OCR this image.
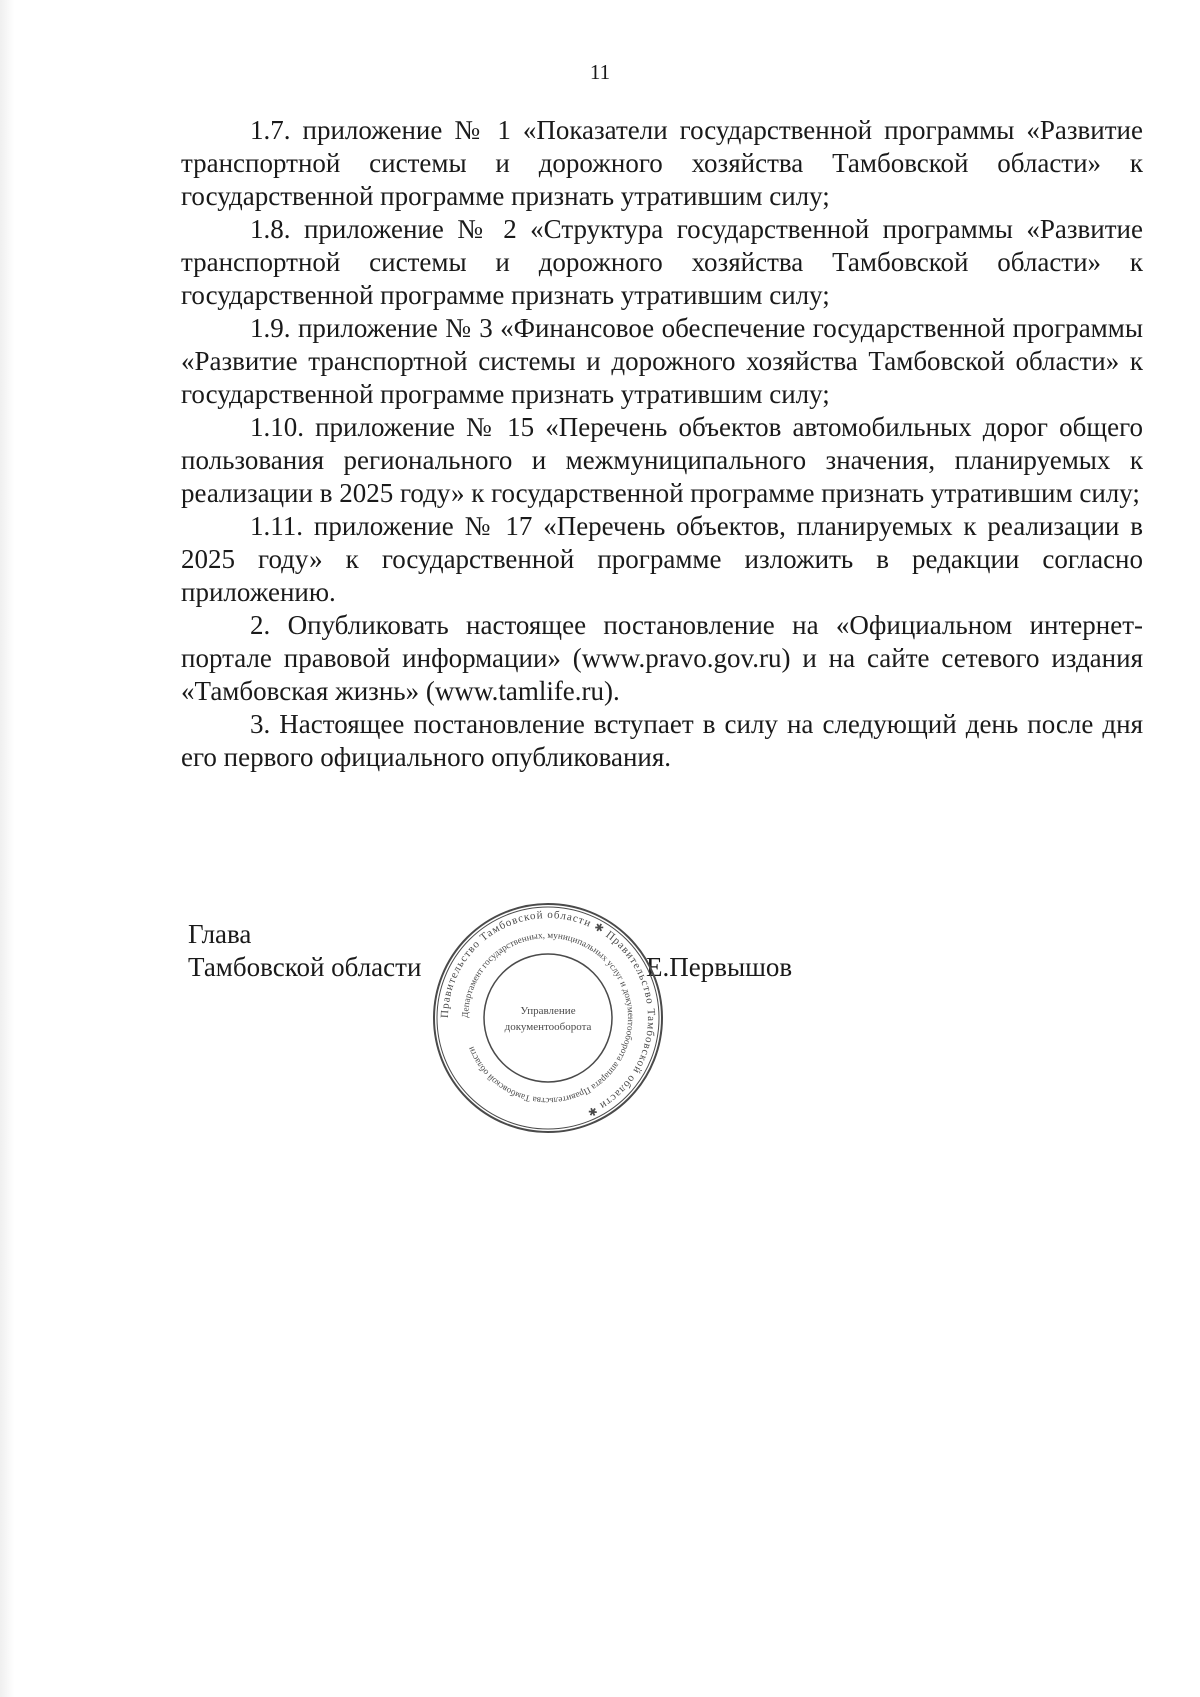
11

1.7. приложение № 1 «Показатели государственной программы «Развитие транспортной системы и дорожного хозяйства Тамбовской области» к государственной программе признать утратившим силу;

1.8. приложение № 2 «Структура государственной программы «Развитие транспортной системы и дорожного хозяйства Тамбовской области» к государственной программе признать утратившим силу;

1.9. приложение № 3 «Финансовое обеспечение государственной программы «Развитие транспортной системы и дорожного хозяйства Тамбовской области» к государственной программе признать утратившим силу;

1.10. приложение № 15 «Перечень объектов автомобильных дорог общего пользования регионального и межмуниципального значения, планируемых к реализации в 2025 году» к государственной программе признать утратившим силу;

1.11. приложение № 17 «Перечень объектов, планируемых к реализации в 2025 году» к государственной программе изложить в редакции согласно приложению.

2. Опубликовать настоящее постановление на «Официальном интернет-портале правовой информации» (www.pravo.gov.ru) и на сайте сетевого издания «Тамбовская жизнь» (www.tamlife.ru).

3. Настоящее постановление вступает в силу на следующий день после дня его первого официального опубликования.

Глава
Тамбовской области	Е.Первышов
Правительство Тамбовской области ✱ Правительство Тамбовской области ✱
Департамент государственных, муниципальных услуг и документооборота аппарата Правительства Тамбовской области
Управление
документооборота
